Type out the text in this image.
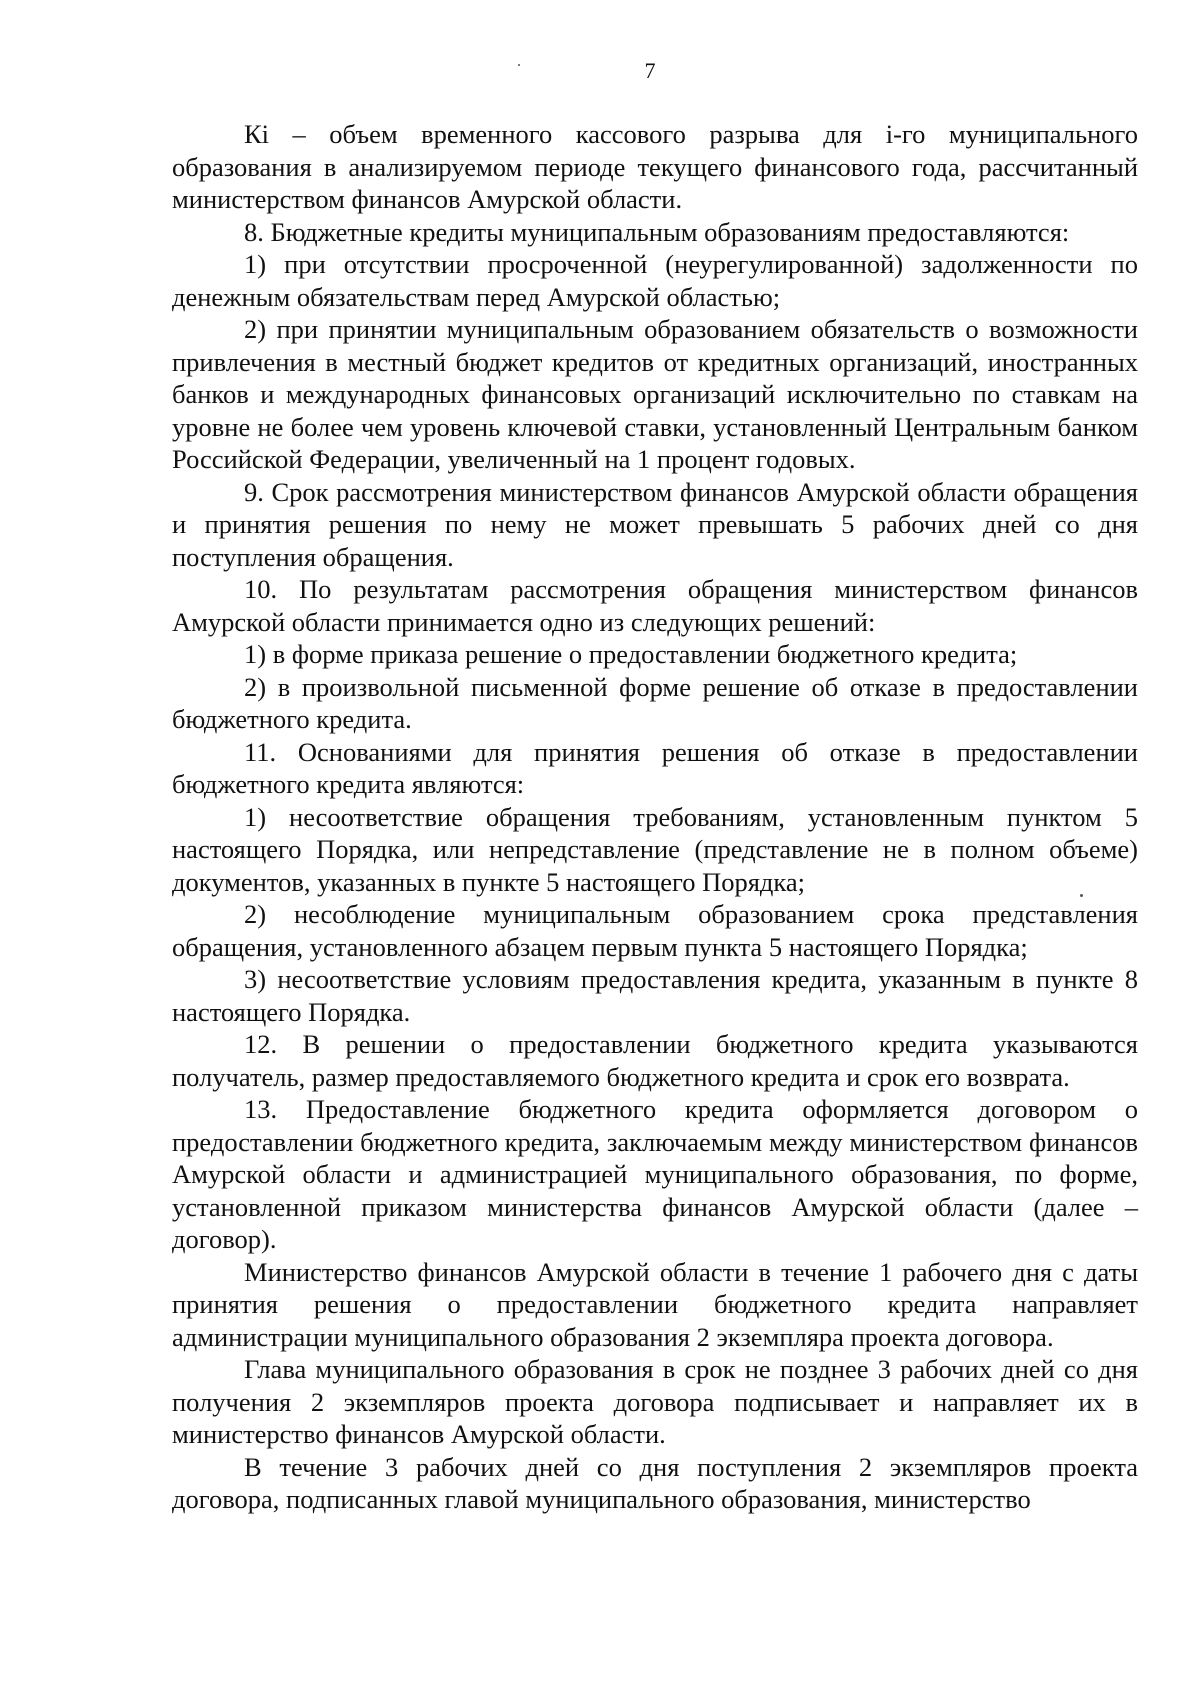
7

Кi – объем временного кассового разрыва для i-го муниципального образования в анализируемом периоде текущего финансового года, рассчитанный министерством финансов Амурской области.

8. Бюджетные кредиты муниципальным образованиям предоставляются:

1) при отсутствии просроченной (неурегулированной) задолженности по денежным обязательствам перед Амурской областью;

2) при принятии муниципальным образованием обязательств о возможности привлечения в местный бюджет кредитов от кредитных организаций, иностранных банков и международных финансовых организаций исключительно по ставкам на уровне не более чем уровень ключевой ставки, установленный Центральным банком Российской Федерации, увеличенный на 1 процент годовых.

9. Срок рассмотрения министерством финансов Амурской области обращения и принятия решения по нему не может превышать 5 рабочих дней со дня поступления обращения.

10. По результатам рассмотрения обращения министерством финансов Амурской области принимается одно из следующих решений:

1) в форме приказа решение о предоставлении бюджетного кредита;

2) в произвольной письменной форме решение об отказе в предоставлении бюджетного кредита.

11. Основаниями для принятия решения об отказе в предоставлении бюджетного кредита являются:

1) несоответствие обращения требованиям, установленным пунктом 5 настоящего Порядка, или непредставление (представление не в полном объеме) документов, указанных в пункте 5 настоящего Порядка;

2) несоблюдение муниципальным образованием срока представления обращения, установленного абзацем первым пункта 5 настоящего Порядка;

3) несоответствие условиям предоставления кредита, указанным в пункте 8 настоящего Порядка.

12. В решении о предоставлении бюджетного кредита указываются получатель, размер предоставляемого бюджетного кредита и срок его возврата.

13. Предоставление бюджетного кредита оформляется договором о предоставлении бюджетного кредита, заключаемым между министерством финансов Амурской области и администрацией муниципального образования, по форме, установленной приказом министерства финансов Амурской области (далее – договор).

Министерство финансов Амурской области в течение 1 рабочего дня с даты принятия решения о предоставлении бюджетного кредита направляет администрации муниципального образования 2 экземпляра проекта договора.

Глава муниципального образования в срок не позднее 3 рабочих дней со дня получения 2 экземпляров проекта договора подписывает и направляет их в министерство финансов Амурской области.

В течение 3 рабочих дней со дня поступления 2 экземпляров проекта договора, подписанных главой муниципального образования, министерство
